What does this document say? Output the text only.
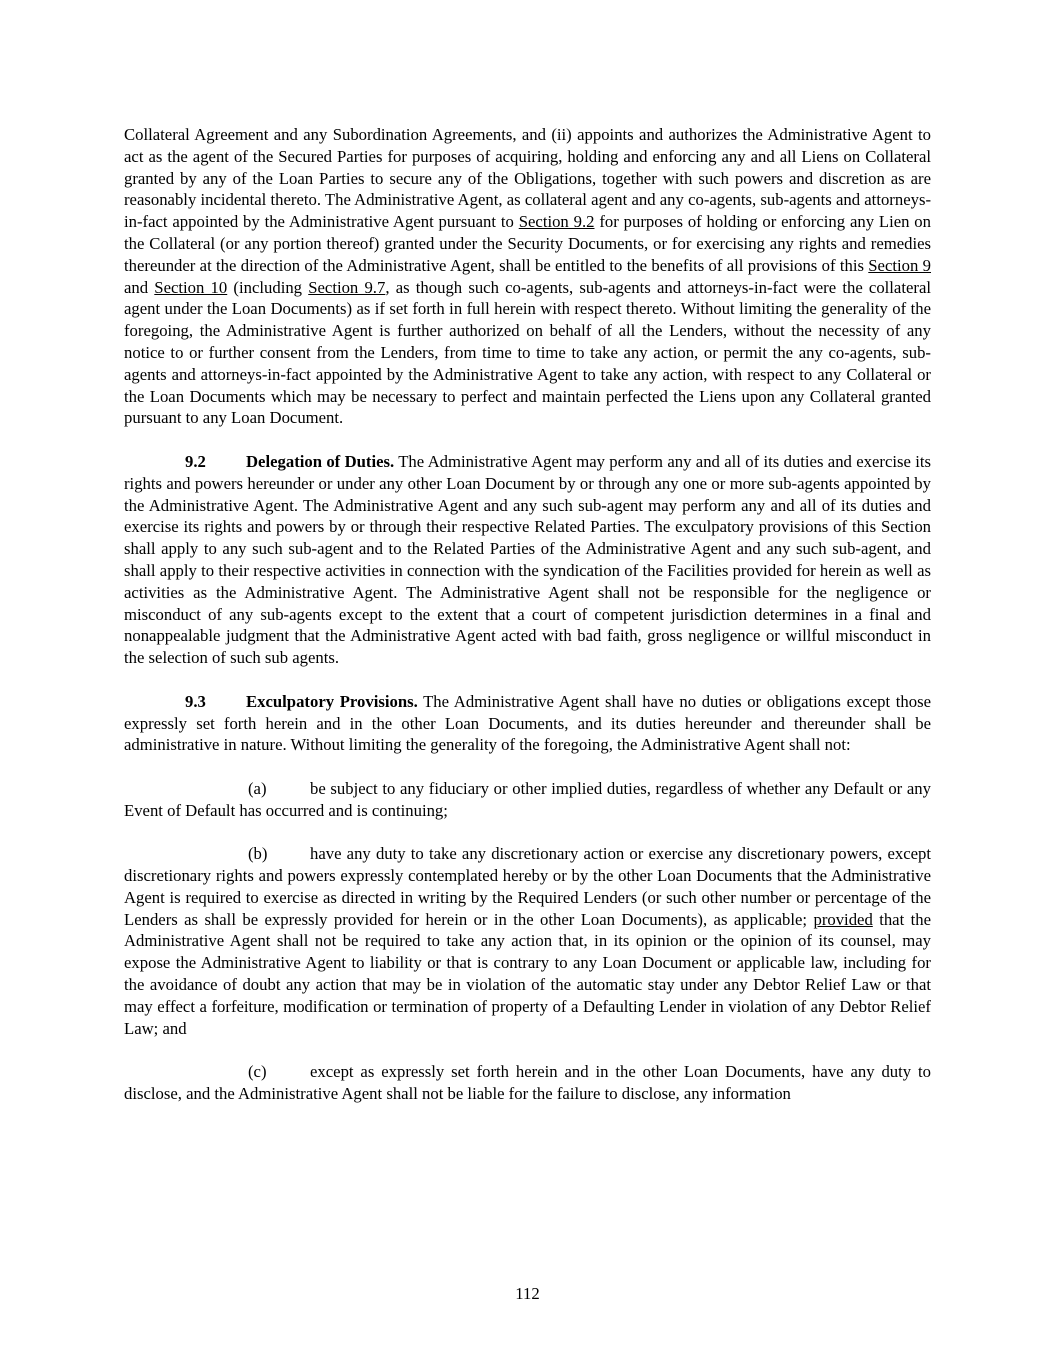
Collateral Agreement and any Subordination Agreements, and (ii) appoints and authorizes the Administrative Agent to act as the agent of the Secured Parties for purposes of acquiring, holding and enforcing any and all Liens on Collateral granted by any of the Loan Parties to secure any of the Obligations, together with such powers and discretion as are reasonably incidental thereto. The Administrative Agent, as collateral agent and any co-agents, sub-agents and attorneys-in-fact appointed by the Administrative Agent pursuant to Section 9.2 for purposes of holding or enforcing any Lien on the Collateral (or any portion thereof) granted under the Security Documents, or for exercising any rights and remedies thereunder at the direction of the Administrative Agent, shall be entitled to the benefits of all provisions of this Section 9 and Section 10 (including Section 9.7, as though such co-agents, sub-agents and attorneys-in-fact were the collateral agent under the Loan Documents) as if set forth in full herein with respect thereto. Without limiting the generality of the foregoing, the Administrative Agent is further authorized on behalf of all the Lenders, without the necessity of any notice to or further consent from the Lenders, from time to time to take any action, or permit the any co-agents, sub-agents and attorneys-in-fact appointed by the Administrative Agent to take any action, with respect to any Collateral or the Loan Documents which may be necessary to perfect and maintain perfected the Liens upon any Collateral granted pursuant to any Loan Document.

9.2 Delegation of Duties. The Administrative Agent may perform any and all of its duties and exercise its rights and powers hereunder or under any other Loan Document by or through any one or more sub-agents appointed by the Administrative Agent. The Administrative Agent and any such sub-agent may perform any and all of its duties and exercise its rights and powers by or through their respective Related Parties. The exculpatory provisions of this Section shall apply to any such sub-agent and to the Related Parties of the Administrative Agent and any such sub-agent, and shall apply to their respective activities in connection with the syndication of the Facilities provided for herein as well as activities as the Administrative Agent. The Administrative Agent shall not be responsible for the negligence or misconduct of any sub-agents except to the extent that a court of competent jurisdiction determines in a final and nonappealable judgment that the Administrative Agent acted with bad faith, gross negligence or willful misconduct in the selection of such sub agents.

9.3 Exculpatory Provisions. The Administrative Agent shall have no duties or obligations except those expressly set forth herein and in the other Loan Documents, and its duties hereunder and thereunder shall be administrative in nature. Without limiting the generality of the foregoing, the Administrative Agent shall not:

(a)	be subject to any fiduciary or other implied duties, regardless of whether any Default or any Event of Default has occurred and is continuing;

(b)	have any duty to take any discretionary action or exercise any discretionary powers, except discretionary rights and powers expressly contemplated hereby or by the other Loan Documents that the Administrative Agent is required to exercise as directed in writing by the Required Lenders (or such other number or percentage of the Lenders as shall be expressly provided for herein or in the other Loan Documents), as applicable; provided that the Administrative Agent shall not be required to take any action that, in its opinion or the opinion of its counsel, may expose the Administrative Agent to liability or that is contrary to any Loan Document or applicable law, including for the avoidance of doubt any action that may be in violation of the automatic stay under any Debtor Relief Law or that may effect a forfeiture, modification or termination of property of a Defaulting Lender in violation of any Debtor Relief Law; and

(c)	except as expressly set forth herein and in the other Loan Documents, have any duty to disclose, and the Administrative Agent shall not be liable for the failure to disclose, any information

112
